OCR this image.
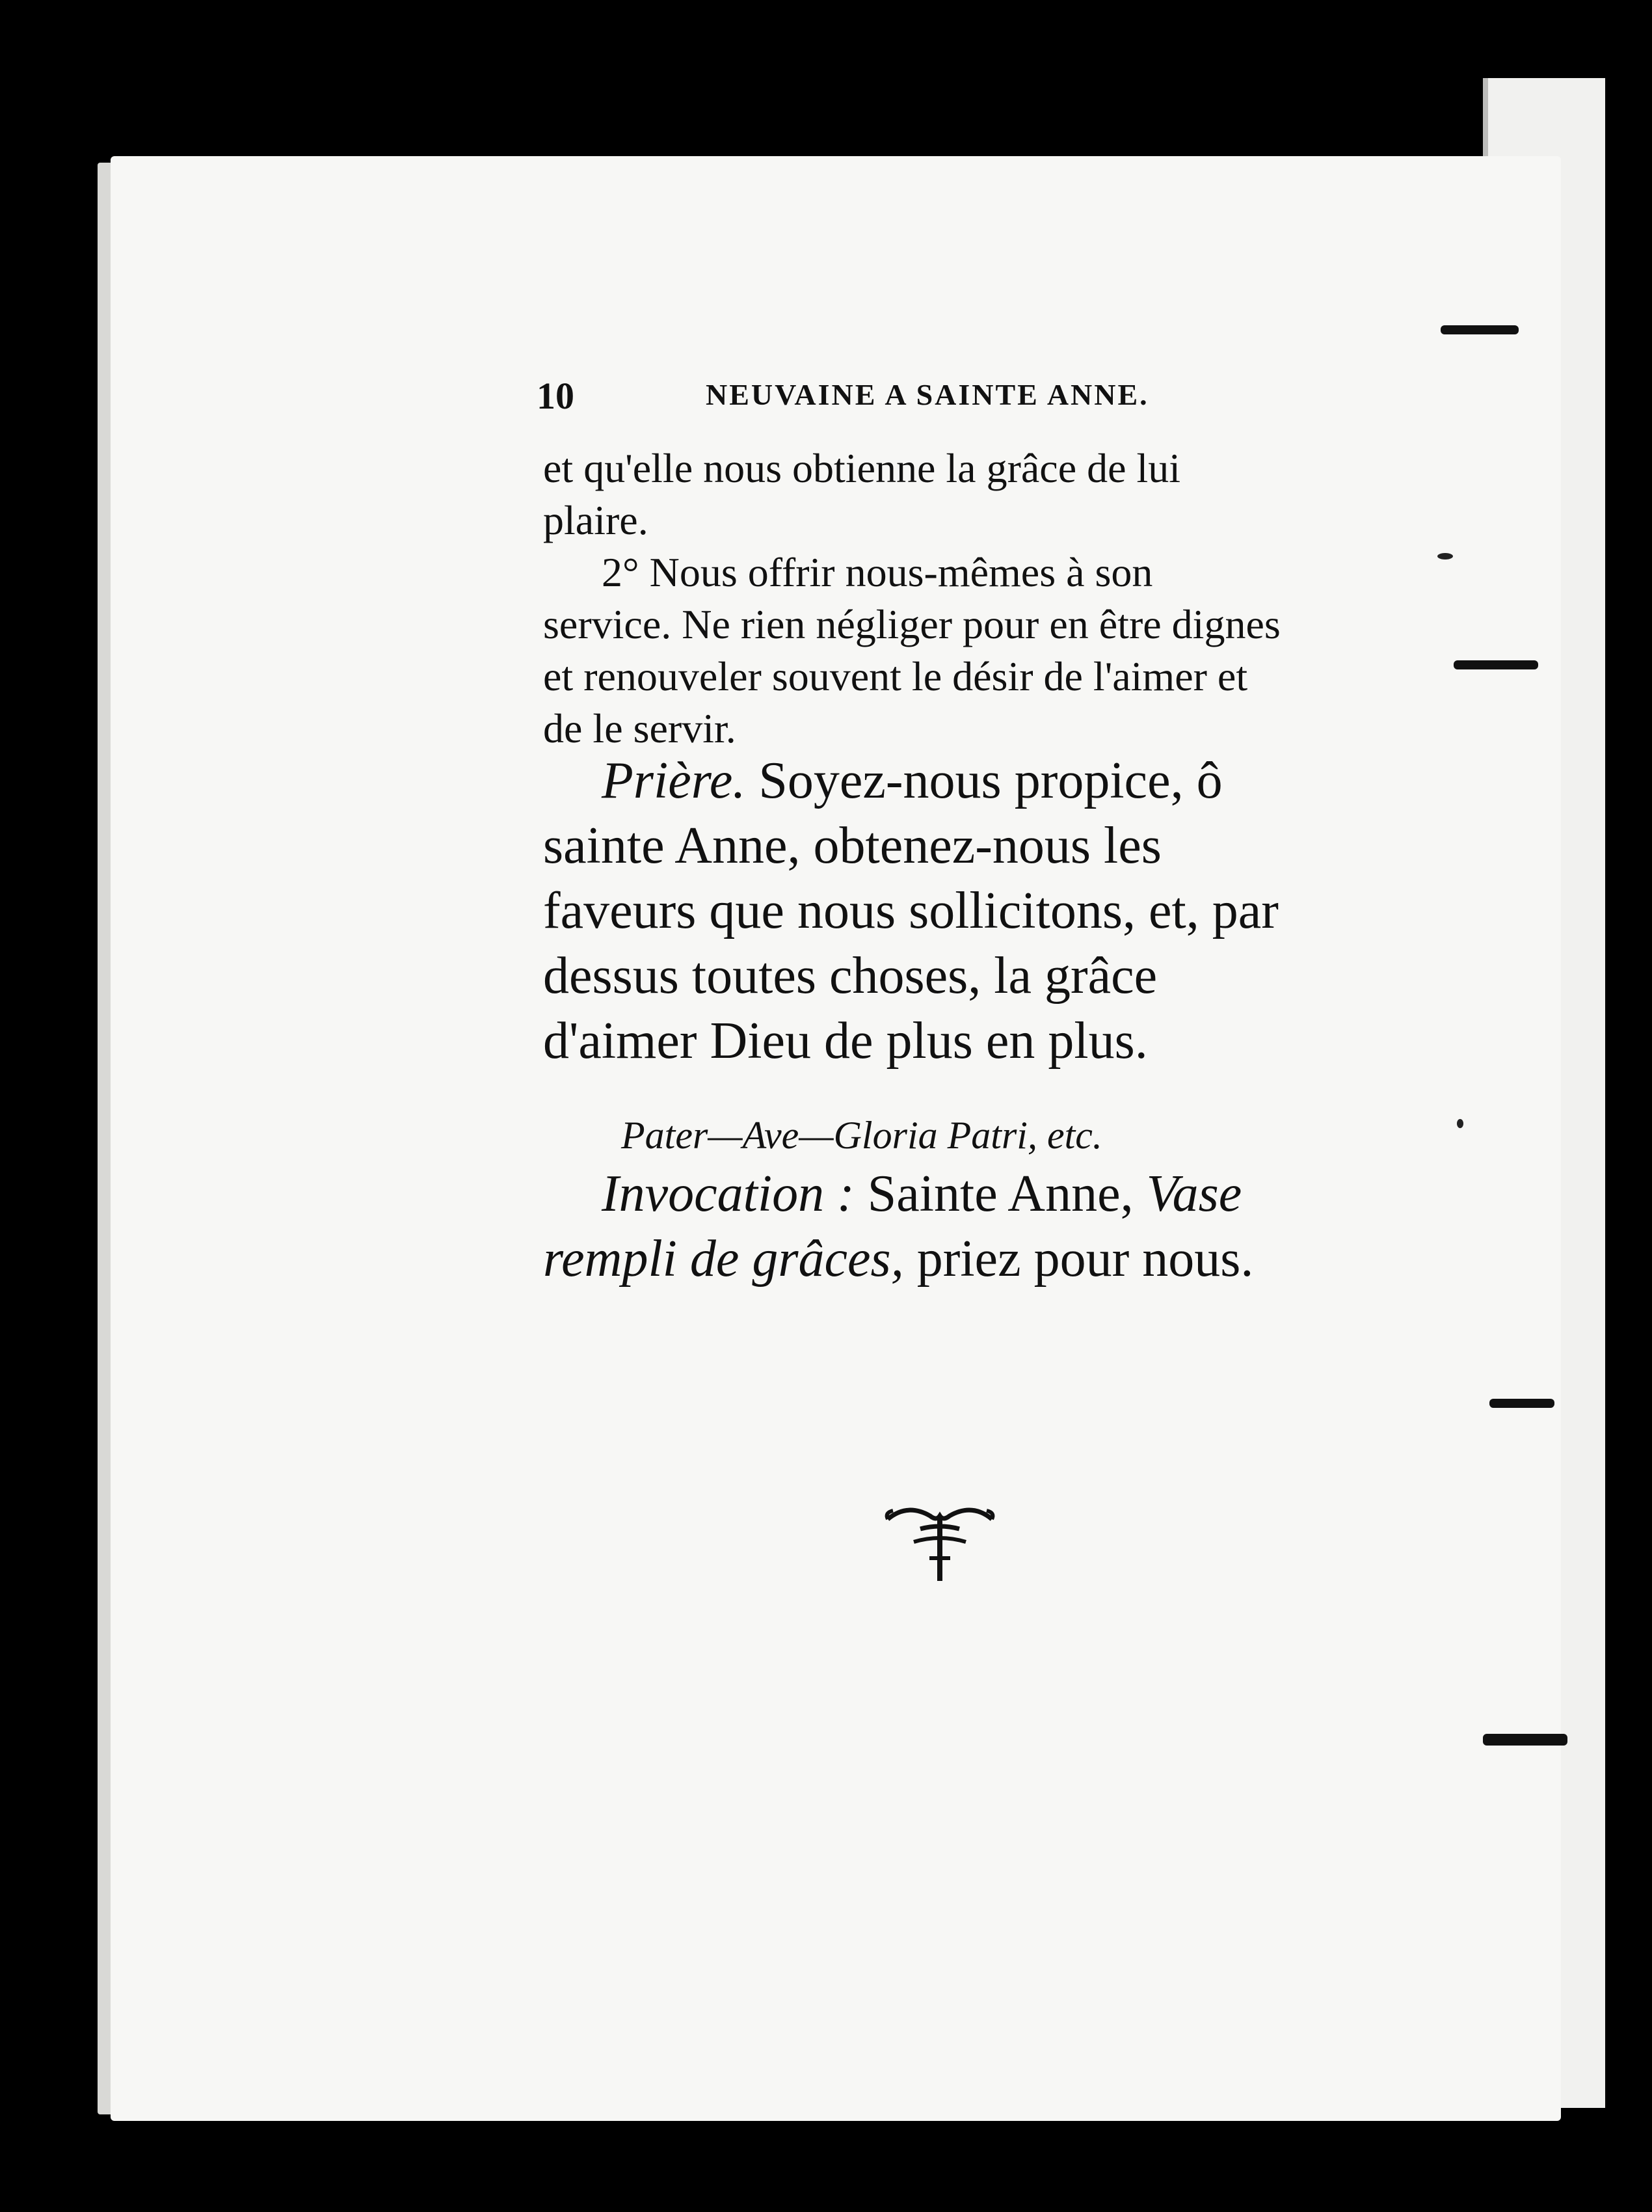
10	NEUVAINE A SAINTE ANNE.

et qu'elle nous obtienne la grâce de lui plaire.

2° Nous offrir nous-mêmes à son service. Ne rien négliger pour en être dignes et renouveler souvent le désir de l'aimer et de le servir.

Prière. Soyez-nous propice, ô sainte Anne, obtenez-nous les faveurs que nous sollicitons, et, par dessus toutes choses, la grâce d'aimer Dieu de plus en plus.

Pater—Ave—Gloria Patri, etc.

Invocation : Sainte Anne, Vase rempli de grâces, priez pour nous.
